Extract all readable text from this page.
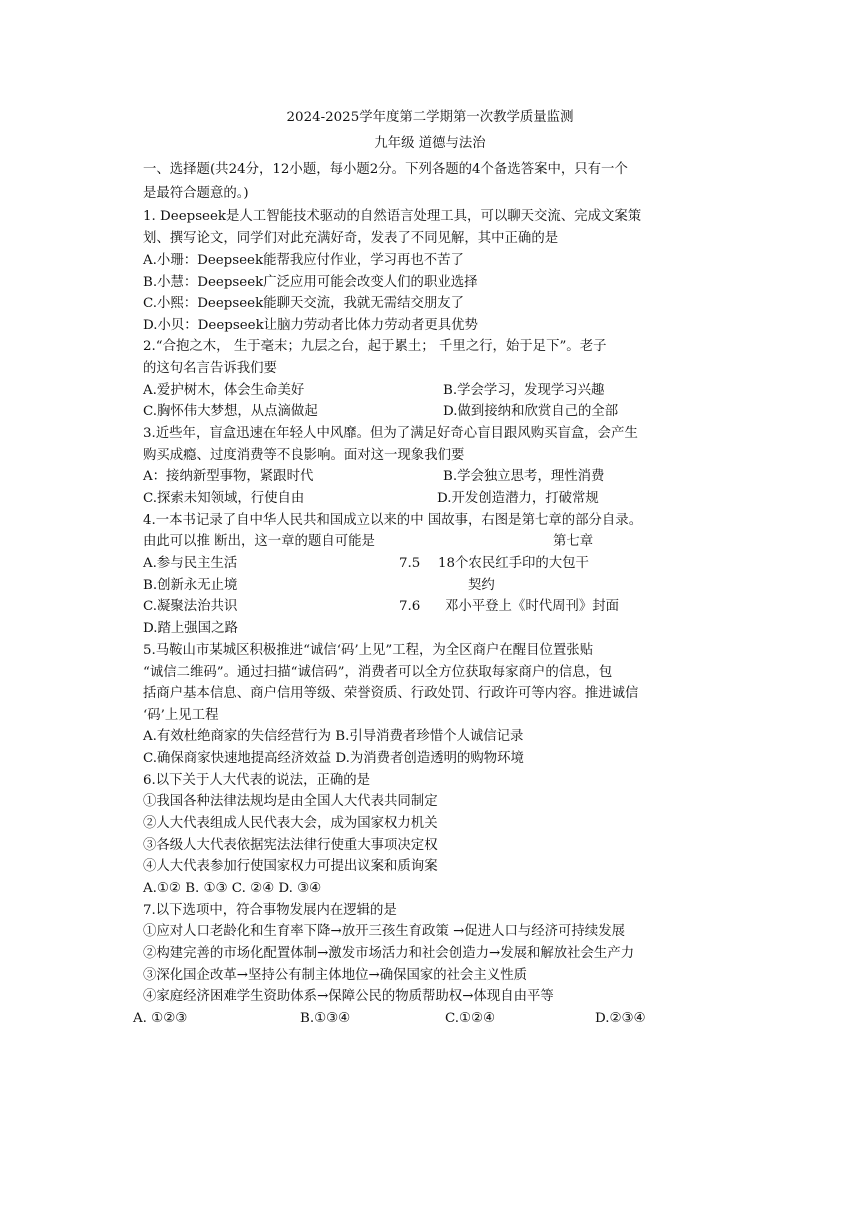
2024-2025学年度第二学期第一次教学质量监测
九年级 道德与法治
一、选择题(共24分，12小题，每小题2分。下列各题的4个备选答案中，只有一个
是最符合题意的。)
1. Deepseek是人工智能技术驱动的自然语言处理工具，可以聊天交流、完成文案策
划、撰写论文，同学们对此充满好奇，发表了不同见解，其中正确的是
A.小珊：Deepseek能帮我应付作业，学习再也不苦了
B.小慧：Deepseek广泛应用可能会改变人们的职业选择
C.小熙：Deepseek能聊天交流，我就无需结交朋友了
D.小贝：Deepseek让脑力劳动者比体力劳动者更具优势
2.“合抱之木， 生于毫末；九层之台，起于累土； 千里之行，始于足下”。老子
的这句名言告诉我们要
A.爱护树木，体会生命美好	B.学会学习，发现学习兴趣
C.胸怀伟大梦想，从点滴做起	D.做到接纳和欣赏自己的全部
3.近些年，盲盒迅速在年轻人中风靡。但为了满足好奇心盲目跟风购买盲盒，会产生
购买成瘾、过度消费等不良影响。面对这一现象我们要
A：接纳新型事物，紧跟时代	B.学会独立思考，理性消费
C.探索未知领域，行使自由	D.开发创造潜力，打破常规
4.一本书记录了自中华人民共和国成立以来的中 国故事，右图是第七章的部分自录。
由此可以推 断出，这一章的题自可能是	第七章
A.参与民主生活	7.5 18个农民红手印的大包干
B.创新永无止境	契约
C.凝聚法治共识	7.6 邓小平登上《时代周刊》封面
D.踏上强国之路
5.马鞍山市某城区积极推进“诚信‘码’上见”工程，为全区商户在醒目位置张贴
“诚信二维码”。通过扫描“诚信码”，消费者可以全方位获取每家商户的信息，包
括商户基本信息、商户信用等级、荣誉资质、行政处罚、行政许可等内容。推进诚信
‘码’上见工程
A.有效杜绝商家的失信经营行为 B.引导消费者珍惜个人诚信记录
C.确保商家快速地提高经济效益 D.为消费者创造透明的购物环境
6.以下关于人大代表的说法，正确的是
①我国各种法律法规均是由全国人大代表共同制定
②人大代表组成人民代表大会，成为国家权力机关
③各级人大代表依据宪法法律行使重大事项决定权
④人大代表参加行使国家权力可提出议案和质询案
A.①② B. ①③ C. ②④ D. ③④
7.以下选项中，符合事物发展内在逻辑的是
①应对人口老龄化和生育率下降→放开三孩生育政策 →促进人口与经济可持续发展
②构建完善的市场化配置体制→激发市场活力和社会创造力→发展和解放社会生产力
③深化国企改革→坚持公有制主体地位→确保国家的社会主义性质
④家庭经济困难学生资助体系→保障公民的物质帮助权→体现自由平等
A. ①②③	B.①③④	C.①②④	D.②③④
